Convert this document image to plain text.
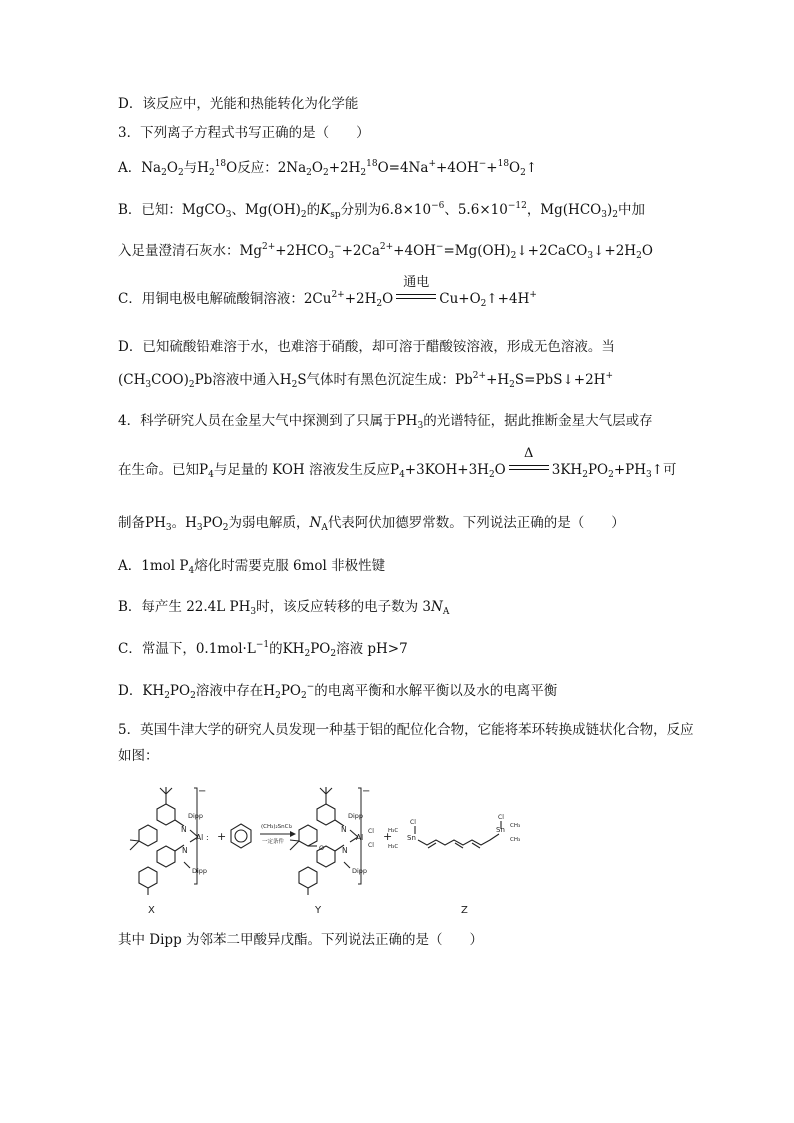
D．该反应中，光能和热能转化为化学能
3．下列离子方程式书写正确的是（　　）
A．$Na_2O_2$与$H_2^{18}O$反应：$2Na_2O_2+2H_2^{18}O=4Na^++4OH^-+^{18}O_2↑$
B．已知：MgCO$_3$、$Mg(OH)_2$的$K_{sp}$分别为$6.8\times 10^{-6}$、$5.6\times 10^{-12}$，$Mg(HCO_3)_2$中加
入足量澄清石灰水：$Mg^{2+}+2HCO_3^-+2Ca^{2+}+4OH^-=Mg(OH)_2↓+2CaCO_3↓+2H_2O$
C．用铜电极电解硫酸铜溶液：$2Cu^{2+}+2H_2O$
通电
$Cu+O_2↑+4H^+$
D．已知硫酸铅难溶于水，也难溶于硝酸，却可溶于醋酸铵溶液，形成无色溶液。当
$(CH_3COO)_2Pb$溶液中通入$H_2S$气体时有黑色沉淀生成：$Pb^{2+}+H_2S=PbS↓+2H^+$
4．科学研究人员在金星大气中探测到了只属于$PH_3$的光谱特征，据此推断金星大气层或存
在生命。已知$P_4$与足量的 KOH 溶液发生反应$P_4+3KOH+3H_2O$
Δ
$3KH_2PO_2+PH_3↑$可
制备$PH_3$。$H_3PO_2$为弱电解质，$N_A$代表阿伏加德罗常数。下列说法正确的是（　　）
A．1mol $P_4$熔化时需要克服 6mol 非极性键
B．每产生 22.4L $PH_3$时，该反应转移的电子数为 $3N_A$
C．常温下，$0.1mol\cdot L^{-1}$的$KH_2PO_2$溶液 pH>7
D．$KH_2PO_2$溶液中存在$H_2PO_2^-$的电离平衡和水解平衡以及水的电离平衡
5．英国牛津大学的研究人员发现一种基于铝的配位化合物，它能将苯环转换成链状化合物，反应如图：
N
N
Dipp
Dipp
Al :
−
X
+
(CH₃)₂SnCl₂
一定条件
N
N
Dipp
Dipp
Al
O
Cl
Cl
−
Y
+ Sn
Cl
H₃C
H₃C
Sn
Cl
CH₃
CH₃
Z
其中 Dipp 为邻苯二甲酸异戊酯。下列说法正确的是（　　）
